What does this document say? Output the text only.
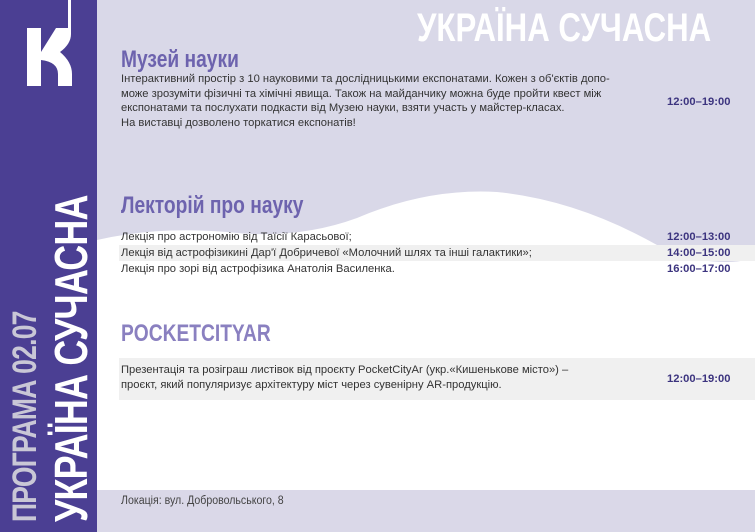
ПРОГРАМА 02.07 УКРАЇНА СУЧАСНА
УКРАЇНА СУЧАСНА
Музей науки
Інтерактивний простір з 10 науковими та дослідницькими експонатами. Кожен з об'єктів допо-
може зрозуміти фізичні та хімічні явища. Також на майданчику можна буде пройти квест між
експонатами та послухати подкасти від Музею науки, взяти участь у майстер-класах.
На виставці дозволено торкатися експонатів!
12:00–19:00
Лекторій про науку
Лекція про астрономію від Таїсії Карасьової;	12:00–13:00
Лекція від астрофізикині Дар'ї Добричевої «Молочний шлях та інші галактики»;	14:00–15:00
Лекція про зорі від астрофізика Анатолія Василенка.	16:00–17:00
POCKETCITYAR
Презентація та розіграш листівок від проєкту PocketCityAr (укр.«Кишенькове місто») –
проєкт, який популяризує архітектуру міст через сувенірну AR-продукцію.	12:00–19:00
Локація: вул. Добровольського, 8
